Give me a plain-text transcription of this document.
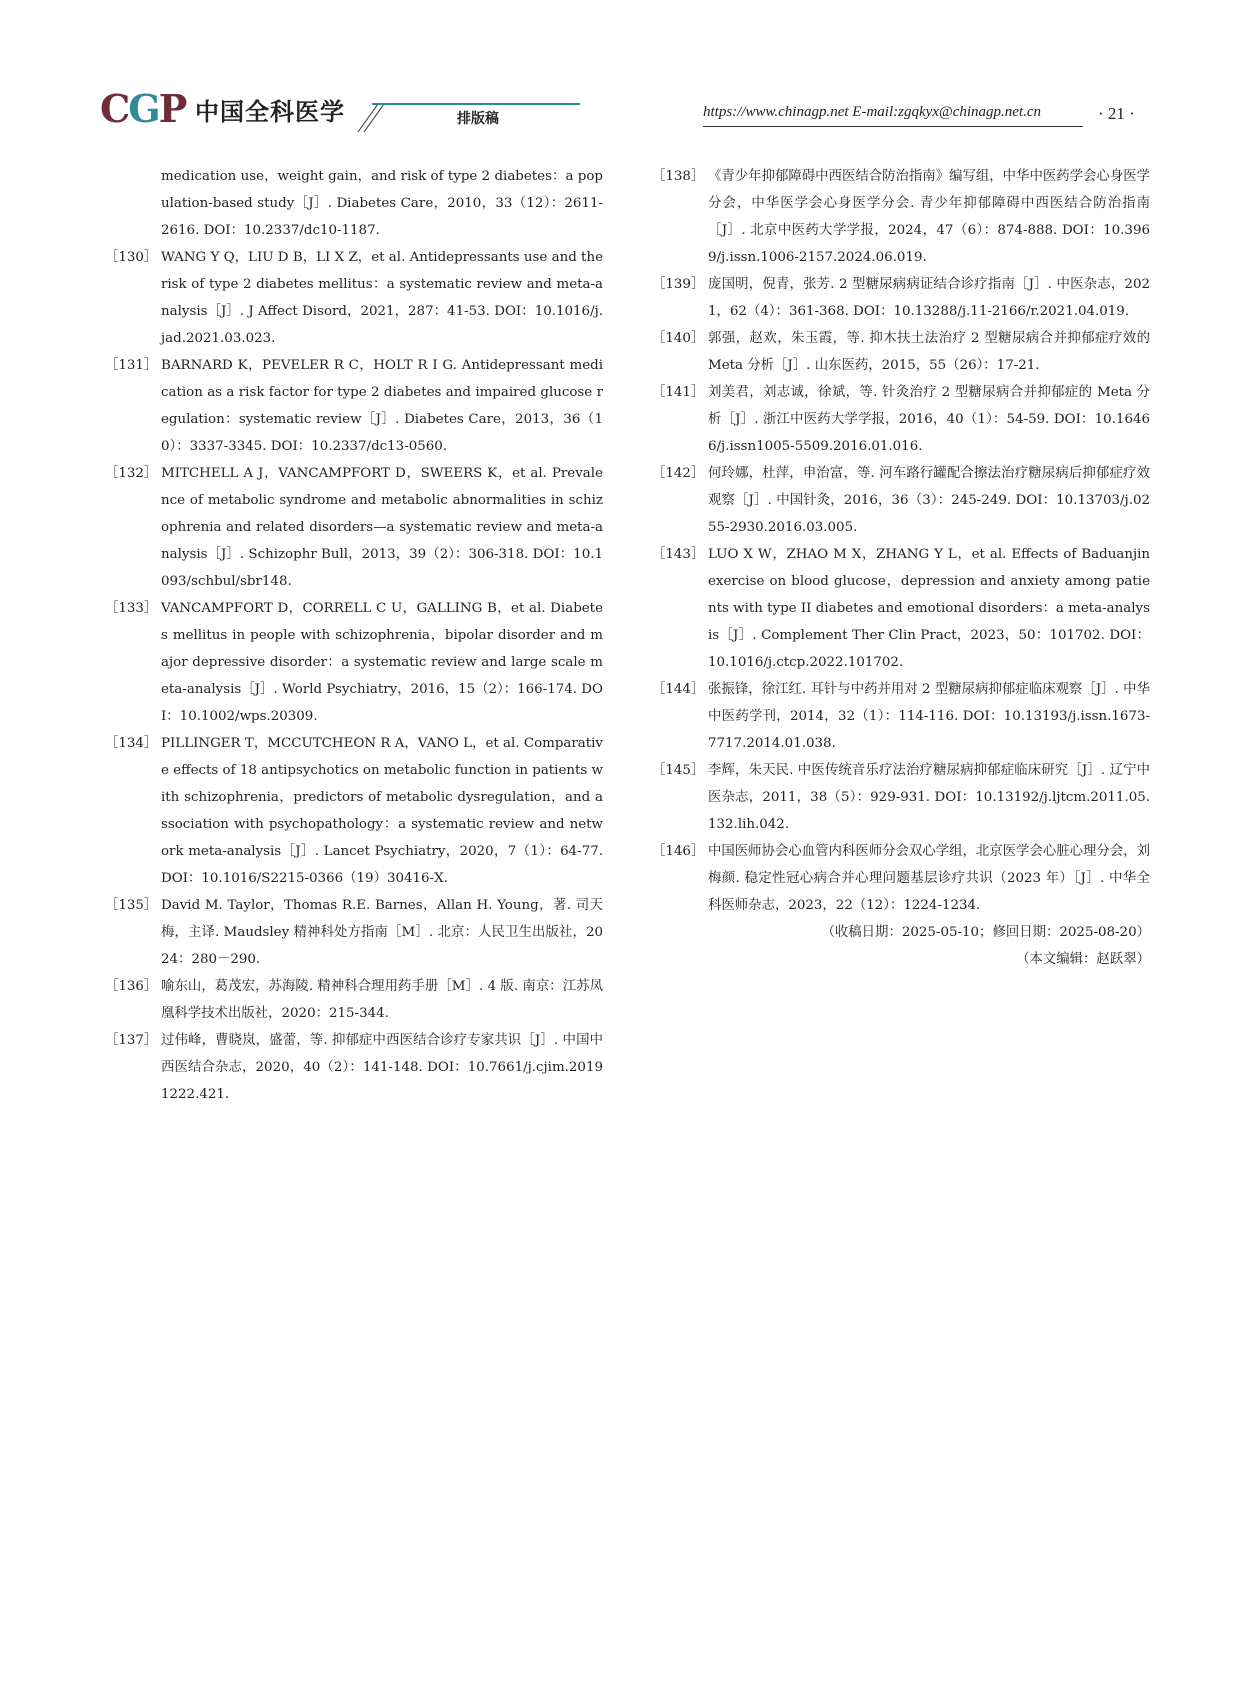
CGP 中国全科医学	排版稿	https://www.chinagp.net E-mail:zgqkyx@chinagp.net.cn	· 21 ·

medication use，weight gain，and risk of type 2 diabetes：a population-based study［J］. Diabetes Care，2010，33（12）：2611-2616. DOI：10.2337/dc10-1187.

［130］ WANG Y Q，LIU D B，LI X Z，et al. Antidepressants use and the risk of type 2 diabetes mellitus：a systematic review and meta-analysis［J］. J Affect Disord，2021，287：41-53. DOI：10.1016/j.jad.2021.03.023.

［131］ BARNARD K，PEVELER R C，HOLT R I G. Antidepressant medication as a risk factor for type 2 diabetes and impaired glucose regulation：systematic review［J］. Diabetes Care，2013，36（10）：3337-3345. DOI：10.2337/dc13-0560.

［132］ MITCHELL A J，VANCAMPFORT D，SWEERS K，et al. Prevalence of metabolic syndrome and metabolic abnormalities in schizophrenia and related disorders—a systematic review and meta-analysis［J］. Schizophr Bull，2013，39（2）：306-318. DOI：10.1093/schbul/sbr148.

［133］ VANCAMPFORT D，CORRELL C U，GALLING B，et al. Diabetes mellitus in people with schizophrenia，bipolar disorder and major depressive disorder：a systematic review and large scale meta-analysis［J］. World Psychiatry，2016，15（2）：166-174. DOI：10.1002/wps.20309.

［134］ PILLINGER T，MCCUTCHEON R A，VANO L，et al. Comparative effects of 18 antipsychotics on metabolic function in patients with schizophrenia，predictors of metabolic dysregulation，and association with psychopathology：a systematic review and network meta-analysis［J］. Lancet Psychiatry，2020，7（1）：64-77. DOI：10.1016/S2215-0366（19）30416-X.

［135］ David M. Taylor，Thomas R.E. Barnes，Allan H. Young，著. 司天梅，主译. Maudsley 精神科处方指南［M］. 北京：人民卫生出版社，2024：280－290.

［136］ 喻东山，葛茂宏，苏海陵. 精神科合理用药手册［M］. 4 版. 南京：江苏凤凰科学技术出版社，2020：215-344.

［137］ 过伟峰，曹晓岚，盛蕾，等. 抑郁症中西医结合诊疗专家共识［J］. 中国中西医结合杂志，2020，40（2）：141-148. DOI：10.7661/j.cjim.20191222.421.

［138］ 《青少年抑郁障碍中西医结合防治指南》编写组，中华中医药学会心身医学分会，中华医学会心身医学分会. 青少年抑郁障碍中西医结合防治指南［J］. 北京中医药大学学报，2024，47（6）：874-888. DOI：10.3969/j.issn.1006-2157.2024.06.019.

［139］ 庞国明，倪青，张芳. 2 型糖尿病病证结合诊疗指南［J］. 中医杂志，2021，62（4）：361-368. DOI：10.13288/j.11-2166/r.2021.04.019.

［140］ 郭强，赵欢，朱玉霞，等. 抑木扶土法治疗 2 型糖尿病合并抑郁症疗效的 Meta 分析［J］. 山东医药，2015，55（26）：17-21.

［141］ 刘美君，刘志诚，徐斌，等. 针灸治疗 2 型糖尿病合并抑郁症的 Meta 分析［J］. 浙江中医药大学学报，2016，40（1）：54-59. DOI：10.16466/j.issn1005-5509.2016.01.016.

［142］ 何玲娜，杜萍，申治富，等. 河车路行罐配合擦法治疗糖尿病后抑郁症疗效观察［J］. 中国针灸，2016，36（3）：245-249. DOI：10.13703/j.0255-2930.2016.03.005.

［143］ LUO X W，ZHAO M X，ZHANG Y L，et al. Effects of Baduanjin exercise on blood glucose，depression and anxiety among patients with type II diabetes and emotional disorders：a meta-analysis［J］. Complement Ther Clin Pract，2023，50：101702. DOI：10.1016/j.ctcp.2022.101702.

［144］ 张振锋，徐江红. 耳针与中药并用对 2 型糖尿病抑郁症临床观察［J］. 中华中医药学刊，2014，32（1）：114-116. DOI：10.13193/j.issn.1673-7717.2014.01.038.

［145］ 李辉，朱天民. 中医传统音乐疗法治疗糖尿病抑郁症临床研究［J］. 辽宁中医杂志，2011，38（5）：929-931. DOI：10.13192/j.ljtcm.2011.05.132.lih.042.

［146］ 中国医师协会心血管内科医师分会双心学组，北京医学会心脏心理分会，刘梅颜. 稳定性冠心病合并心理问题基层诊疗共识（2023 年）［J］. 中华全科医师杂志，2023，22（12）：1224-1234.

（收稿日期：2025-05-10；修回日期：2025-08-20）

（本文编辑：赵跃翠）
